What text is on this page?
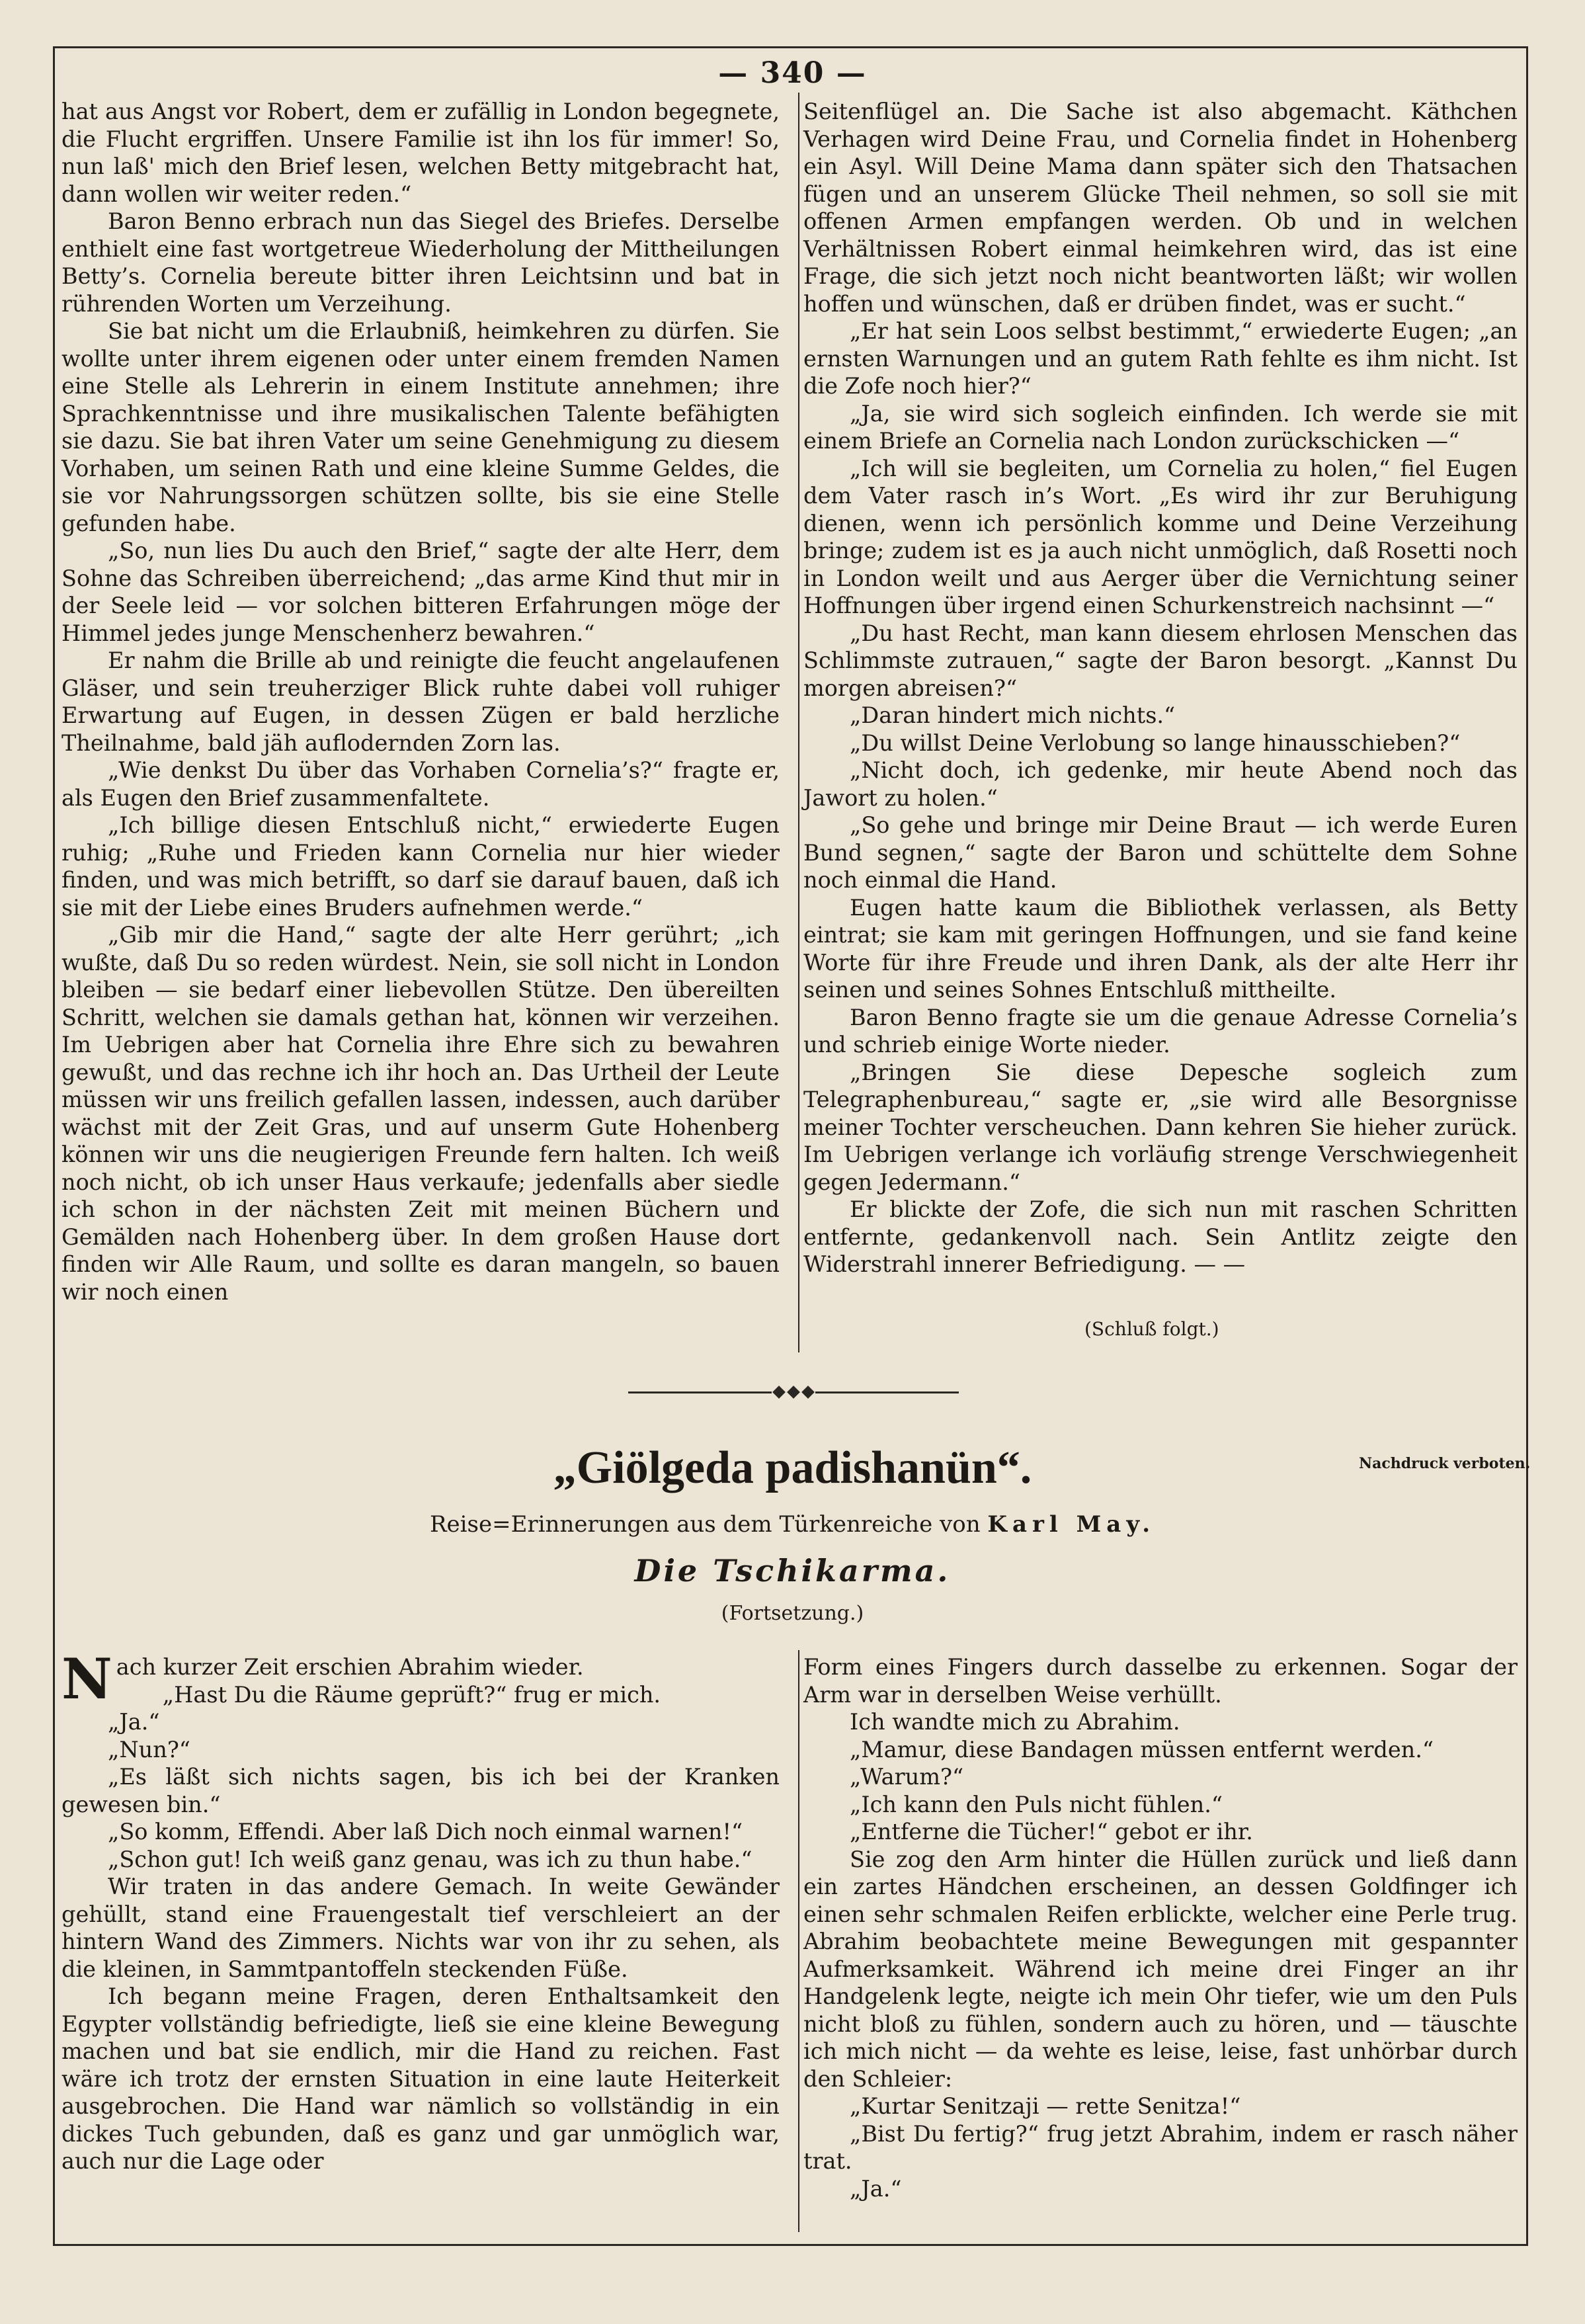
— 340 —

hat aus Angst vor Robert, dem er zufällig in London begegnete, die Flucht ergriffen. Unsere Familie ist ihn los für immer! So, nun laß' mich den Brief lesen, welchen Betty mitgebracht hat, dann wollen wir weiter reden.“

Baron Benno erbrach nun das Siegel des Briefes. Derselbe enthielt eine fast wortgetreue Wiederholung der Mittheilungen Betty’s. Cornelia bereute bitter ihren Leichtsinn und bat in rührenden Worten um Verzeihung.

Sie bat nicht um die Erlaubniß, heimkehren zu dürfen. Sie wollte unter ihrem eigenen oder unter einem fremden Namen eine Stelle als Lehrerin in einem Institute annehmen; ihre Sprachkenntnisse und ihre musikalischen Talente befähigten sie dazu. Sie bat ihren Vater um seine Genehmigung zu diesem Vorhaben, um seinen Rath und eine kleine Summe Geldes, die sie vor Nahrungssorgen schützen sollte, bis sie eine Stelle gefunden habe.

„So, nun lies Du auch den Brief,“ sagte der alte Herr, dem Sohne das Schreiben überreichend; „das arme Kind thut mir in der Seele leid — vor solchen bitteren Erfahrungen möge der Himmel jedes junge Menschenherz bewahren.“

Er nahm die Brille ab und reinigte die feucht angelaufenen Gläser, und sein treuherziger Blick ruhte dabei voll ruhiger Erwartung auf Eugen, in dessen Zügen er bald herzliche Theilnahme, bald jäh auflodernden Zorn las.

„Wie denkst Du über das Vorhaben Cornelia’s?“ fragte er, als Eugen den Brief zusammenfaltete.

„Ich billige diesen Entschluß nicht,“ erwiederte Eugen ruhig; „Ruhe und Frieden kann Cornelia nur hier wieder finden, und was mich betrifft, so darf sie darauf bauen, daß ich sie mit der Liebe eines Bruders aufnehmen werde.“

„Gib mir die Hand,“ sagte der alte Herr gerührt; „ich wußte, daß Du so reden würdest. Nein, sie soll nicht in London bleiben — sie bedarf einer liebevollen Stütze. Den übereilten Schritt, welchen sie damals gethan hat, können wir verzeihen. Im Uebrigen aber hat Cornelia ihre Ehre sich zu bewahren gewußt, und das rechne ich ihr hoch an. Das Urtheil der Leute müssen wir uns freilich gefallen lassen, indessen, auch darüber wächst mit der Zeit Gras, und auf unserm Gute Hohenberg können wir uns die neugierigen Freunde fern halten. Ich weiß noch nicht, ob ich unser Haus verkaufe; jedenfalls aber siedle ich schon in der nächsten Zeit mit meinen Büchern und Gemälden nach Hohenberg über. In dem großen Hause dort finden wir Alle Raum, und sollte es daran mangeln, so bauen wir noch einen

Seitenflügel an. Die Sache ist also abgemacht. Käthchen Verhagen wird Deine Frau, und Cornelia findet in Hohenberg ein Asyl. Will Deine Mama dann später sich den Thatsachen fügen und an unserem Glücke Theil nehmen, so soll sie mit offenen Armen empfangen werden. Ob und in welchen Verhältnissen Robert einmal heimkehren wird, das ist eine Frage, die sich jetzt noch nicht beantworten läßt; wir wollen hoffen und wünschen, daß er drüben findet, was er sucht.“

„Er hat sein Loos selbst bestimmt,“ erwiederte Eugen; „an ernsten Warnungen und an gutem Rath fehlte es ihm nicht. Ist die Zofe noch hier?“

„Ja, sie wird sich sogleich einfinden. Ich werde sie mit einem Briefe an Cornelia nach London zurückschicken —“

„Ich will sie begleiten, um Cornelia zu holen,“ fiel Eugen dem Vater rasch in’s Wort. „Es wird ihr zur Beruhigung dienen, wenn ich persönlich komme und Deine Verzeihung bringe; zudem ist es ja auch nicht unmöglich, daß Rosetti noch in London weilt und aus Aerger über die Vernichtung seiner Hoffnungen über irgend einen Schurkenstreich nachsinnt —“

„Du hast Recht, man kann diesem ehrlosen Menschen das Schlimmste zutrauen,“ sagte der Baron besorgt. „Kannst Du morgen abreisen?“

„Daran hindert mich nichts.“

„Du willst Deine Verlobung so lange hinausschieben?“

„Nicht doch, ich gedenke, mir heute Abend noch das Jawort zu holen.“

„So gehe und bringe mir Deine Braut — ich werde Euren Bund segnen,“ sagte der Baron und schüttelte dem Sohne noch einmal die Hand.

Eugen hatte kaum die Bibliothek verlassen, als Betty eintrat; sie kam mit geringen Hoffnungen, und sie fand keine Worte für ihre Freude und ihren Dank, als der alte Herr ihr seinen und seines Sohnes Entschluß mittheilte.

Baron Benno fragte sie um die genaue Adresse Cornelia’s und schrieb einige Worte nieder.

„Bringen Sie diese Depesche sogleich zum Telegraphenbureau,“ sagte er, „sie wird alle Besorgnisse meiner Tochter verscheuchen. Dann kehren Sie hieher zurück. Im Uebrigen verlange ich vorläufig strenge Verschwiegenheit gegen Jedermann.“

Er blickte der Zofe, die sich nun mit raschen Schritten entfernte, gedankenvoll nach. Sein Antlitz zeigte den Widerstrahl innerer Befriedigung. — —

(Schluß folgt.)
„Giölgeda padishanün“.	Nachdruck verboten.
Reise=Erinnerungen aus dem Türkenreiche von Karl May.
Die Tschikarma.
(Fortsetzung.)

Nach kurzer Zeit erschien Abrahim wieder.

„Hast Du die Räume geprüft?“ frug er mich.

„Ja.“

„Nun?“

„Es läßt sich nichts sagen, bis ich bei der Kranken gewesen bin.“

„So komm, Effendi. Aber laß Dich noch einmal warnen!“

„Schon gut! Ich weiß ganz genau, was ich zu thun habe.“

Wir traten in das andere Gemach. In weite Gewänder gehüllt, stand eine Frauengestalt tief verschleiert an der hintern Wand des Zimmers. Nichts war von ihr zu sehen, als die kleinen, in Sammtpantoffeln steckenden Füße.

Ich begann meine Fragen, deren Enthaltsamkeit den Egypter vollständig befriedigte, ließ sie eine kleine Bewegung machen und bat sie endlich, mir die Hand zu reichen. Fast wäre ich trotz der ernsten Situation in eine laute Heiterkeit ausgebrochen. Die Hand war nämlich so vollständig in ein dickes Tuch gebunden, daß es ganz und gar unmöglich war, auch nur die Lage oder

Form eines Fingers durch dasselbe zu erkennen. Sogar der Arm war in derselben Weise verhüllt.

Ich wandte mich zu Abrahim.

„Mamur, diese Bandagen müssen entfernt werden.“

„Warum?“

„Ich kann den Puls nicht fühlen.“

„Entferne die Tücher!“ gebot er ihr.

Sie zog den Arm hinter die Hüllen zurück und ließ dann ein zartes Händchen erscheinen, an dessen Goldfinger ich einen sehr schmalen Reifen erblickte, welcher eine Perle trug. Abrahim beobachtete meine Bewegungen mit gespannter Aufmerksamkeit. Während ich meine drei Finger an ihr Handgelenk legte, neigte ich mein Ohr tiefer, wie um den Puls nicht bloß zu fühlen, sondern auch zu hören, und — täuschte ich mich nicht — da wehte es leise, leise, fast unhörbar durch den Schleier:

„Kurtar Senitzaji — rette Senitza!“

„Bist Du fertig?“ frug jetzt Abrahim, indem er rasch näher trat.

„Ja.“
